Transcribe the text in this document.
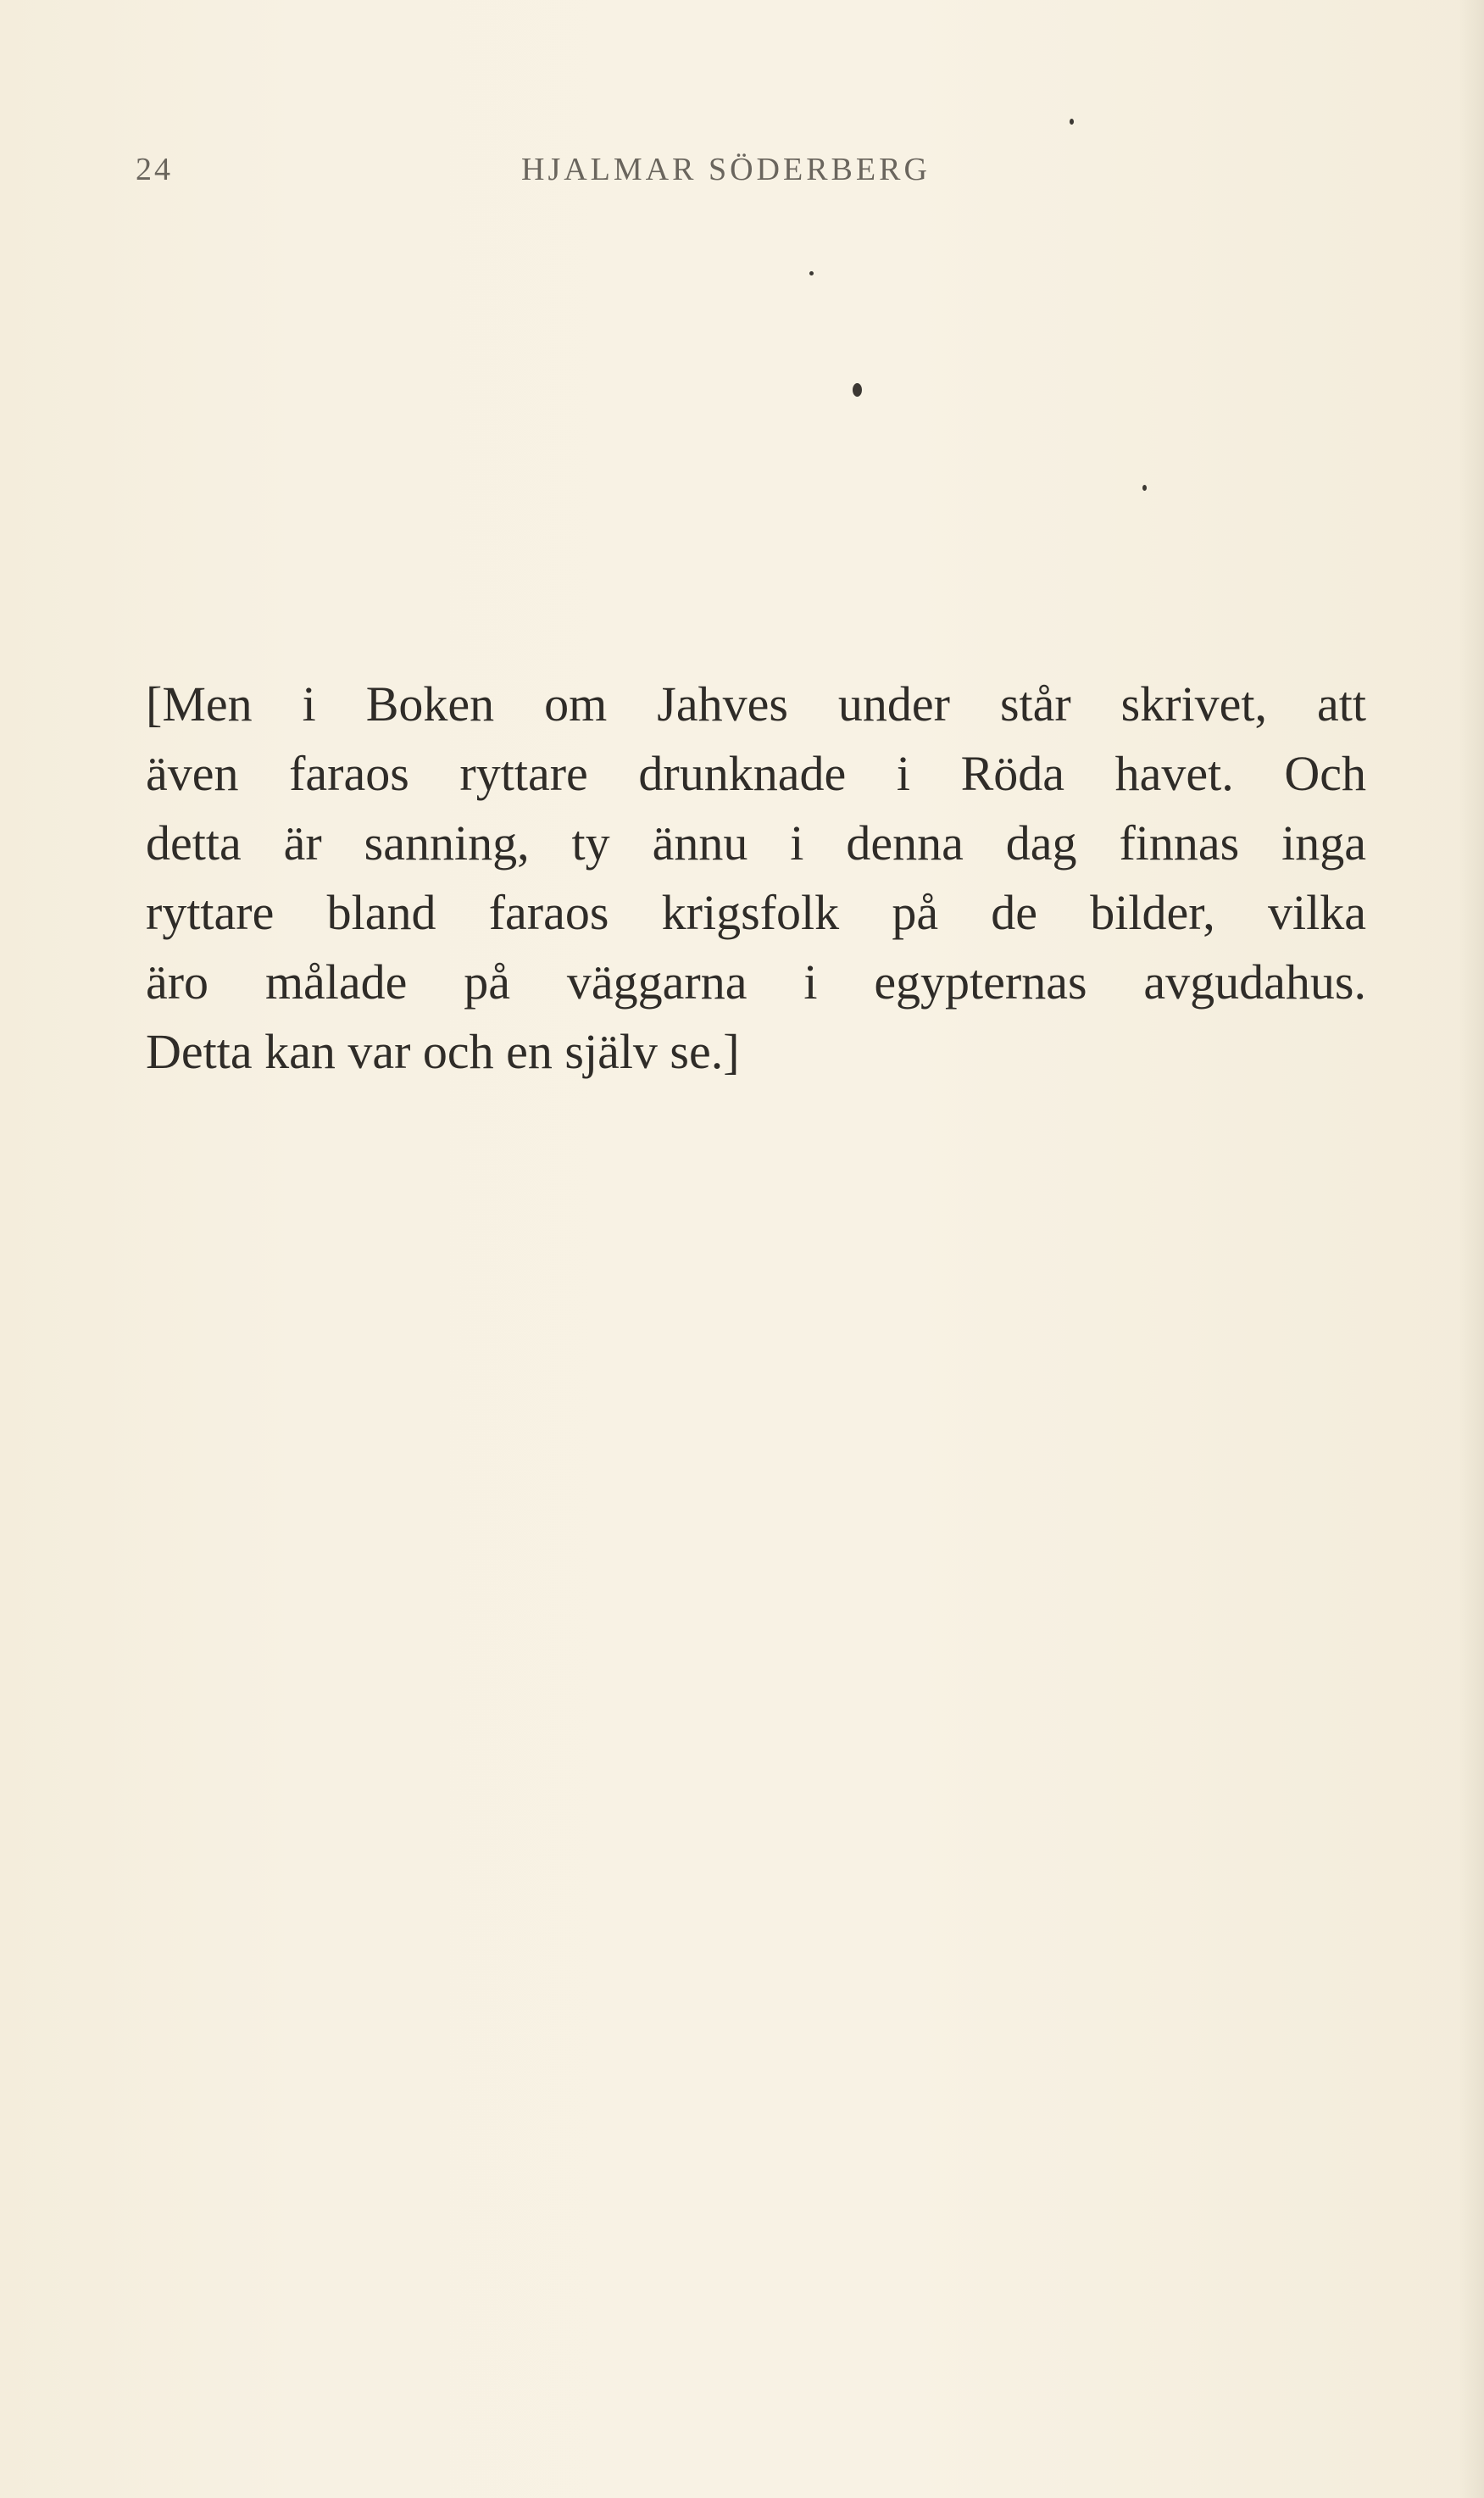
24	HJALMAR SÖDERBERG
[Men i Boken om Jahves under står skrivet, att
även faraos ryttare drunknade i Röda havet. Och
detta är sanning, ty ännu i denna dag finnas inga
ryttare bland faraos krigsfolk på de bilder, vilka
äro målade på väggarna i egypternas avgudahus.
Detta kan var och en själv se.]
